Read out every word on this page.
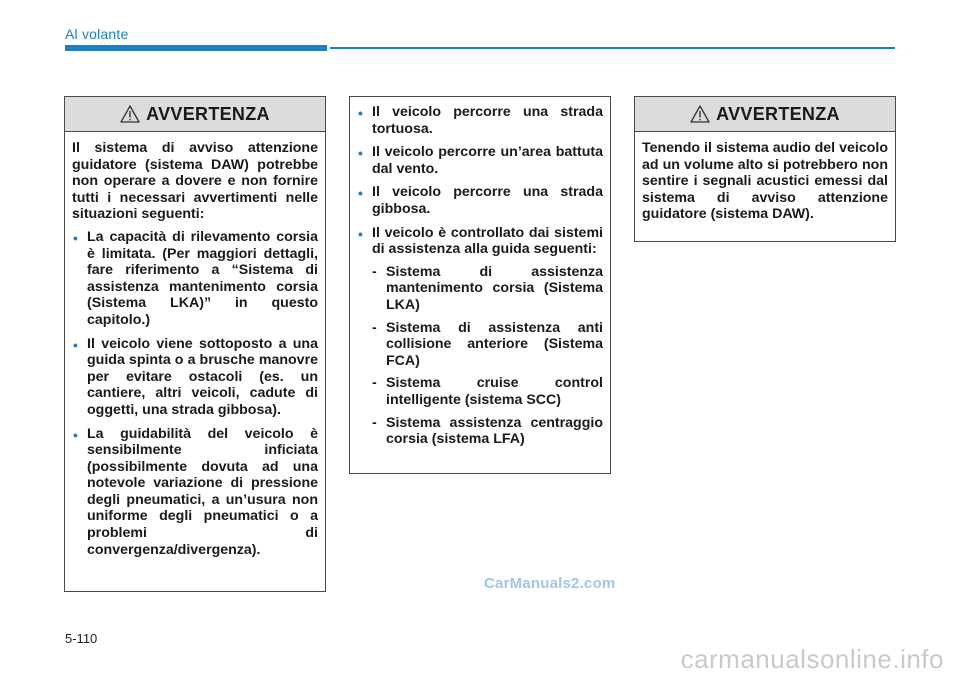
Al volante
AVVERTENZA

Il sistema di avviso attenzione guidatore (sistema DAW) potrebbe non operare a dovere e non fornire tutti i necessari avvertimenti nelle situazioni seguenti:

• La capacità di rilevamento corsia è limitata. (Per maggiori dettagli, fare riferimento a “Sistema di assistenza mantenimento corsia (Sistema LKA)” in questo capitolo.)
• Il veicolo viene sottoposto a una guida spinta o a brusche manovre per evitare ostacoli (es. un cantiere, altri veicoli, cadute di oggetti, una strada gibbosa).
• La guidabilità del veicolo è sensibilmente inficiata (possibilmente dovuta ad una notevole variazione di pressione degli pneumatici, a un’usura non uniforme degli pneumatici o a problemi di convergenza/divergenza).
• Il veicolo percorre una strada tortuosa.
• Il veicolo percorre un’area battuta dal vento.
• Il veicolo percorre una strada gibbosa.
• Il veicolo è controllato dai sistemi di assistenza alla guida seguenti:
- Sistema di assistenza mantenimento corsia (Sistema LKA)
- Sistema di assistenza anti collisione anteriore (Sistema FCA)
- Sistema cruise control intelligente (sistema SCC)
- Sistema assistenza centraggio corsia (sistema LFA)
AVVERTENZA

Tenendo il sistema audio del veicolo ad un volume alto si potrebbero non sentire i segnali acustici emessi dal sistema di avviso attenzione guidatore (sistema DAW).

CarManuals2.com
5-110
carmanualsonline.info
